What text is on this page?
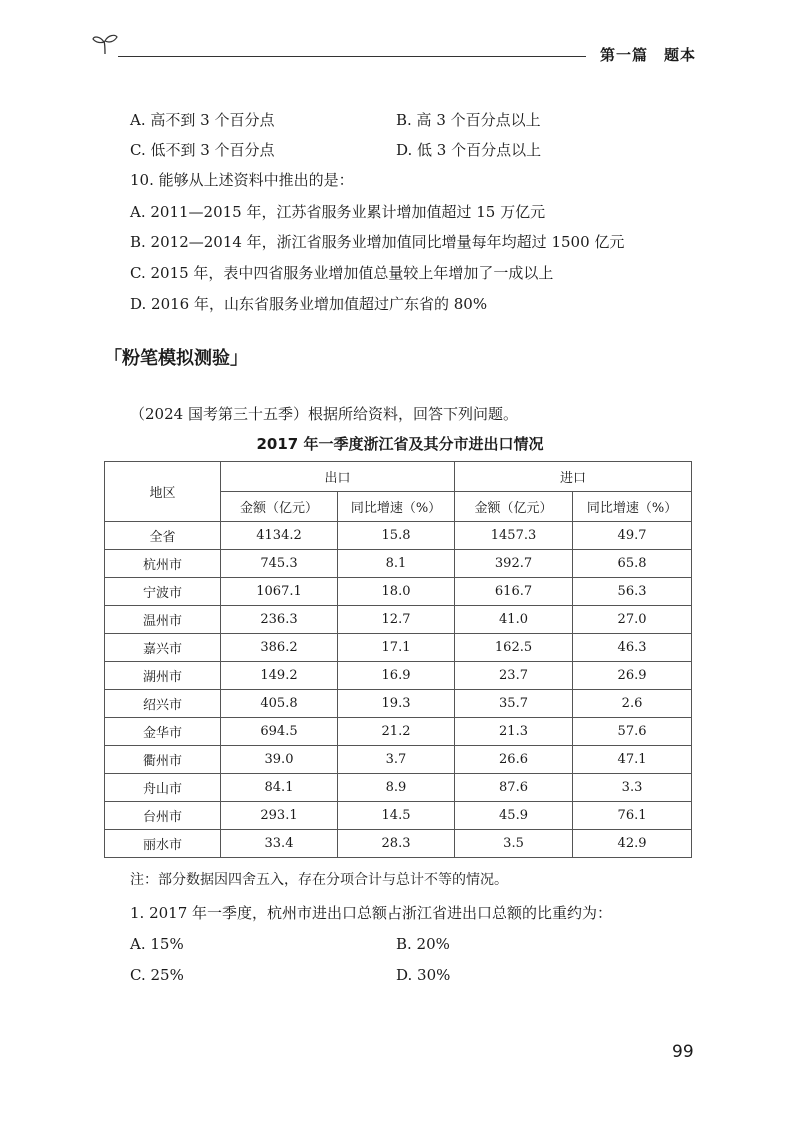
第一篇　题本
A. 高不到 3 个百分点	B. 高 3 个百分点以上
C. 低不到 3 个百分点	D. 低 3 个百分点以上
10. 能够从上述资料中推出的是：
A. 2011—2015 年，江苏省服务业累计增加值超过 15 万亿元
B. 2012—2014 年，浙江省服务业增加值同比增量每年均超过 1500 亿元
C. 2015 年，表中四省服务业增加值总量较上年增加了一成以上
D. 2016 年，山东省服务业增加值超过广东省的 80%
「粉笔模拟测验」
（2024 国考第三十五季）根据所给资料，回答下列问题。
2017 年一季度浙江省及其分市进出口情况
地区	出口		进口	
	金额（亿元）	同比增速（%）	金额（亿元）	同比增速（%）
全省	4134.2	15.8	1457.3	49.7
杭州市	745.3	8.1	392.7	65.8
宁波市	1067.1	18.0	616.7	56.3
温州市	236.3	12.7	41.0	27.0
嘉兴市	386.2	17.1	162.5	46.3
湖州市	149.2	16.9	23.7	26.9
绍兴市	405.8	19.3	35.7	2.6
金华市	694.5	21.2	21.3	57.6
衢州市	39.0	3.7	26.6	47.1
舟山市	84.1	8.9	87.6	3.3
台州市	293.1	14.5	45.9	76.1
丽水市	33.4	28.3	3.5	42.9
注：部分数据因四舍五入，存在分项合计与总计不等的情况。
1. 2017 年一季度，杭州市进出口总额占浙江省进出口总额的比重约为：
A. 15%	B. 20%
C. 25%	D. 30%
99
